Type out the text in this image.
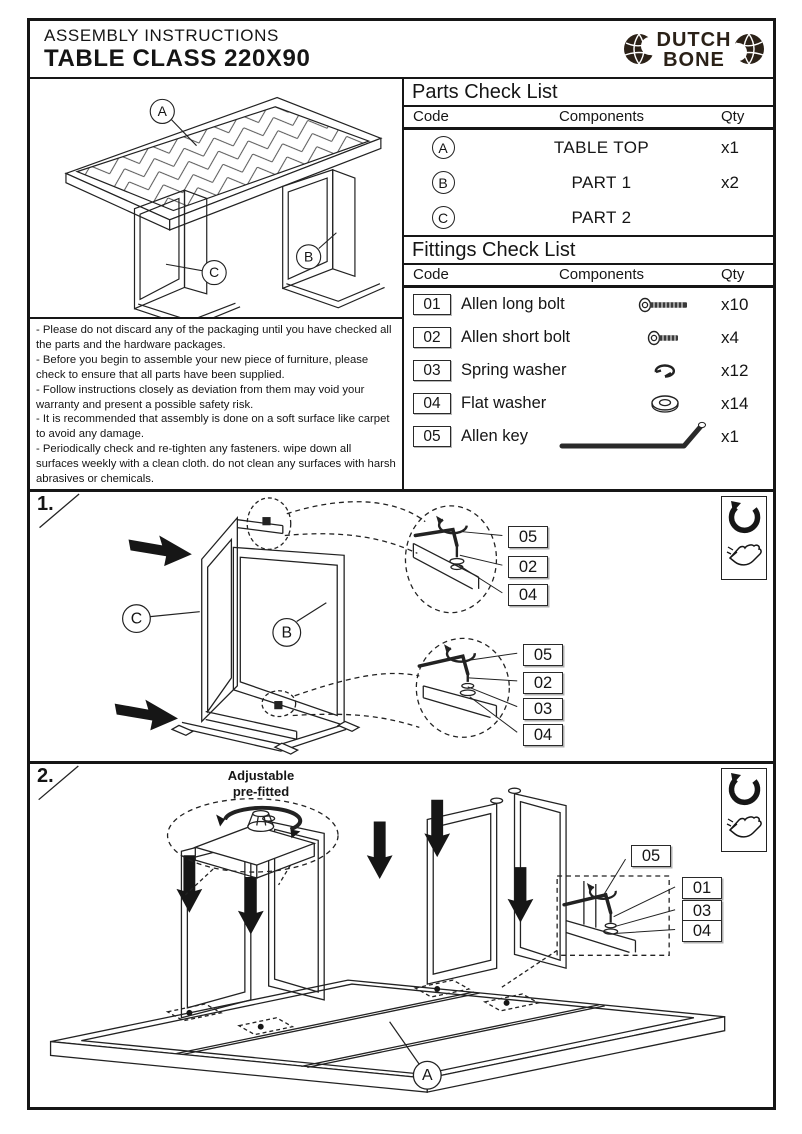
ASSEMBLY INSTRUCTIONS
TABLE CLASS 220X90
DUTCH
BONE
A
B
C
- Please do not discard any of the packaging until you have checked all the parts and the hardware packages.
- Before you begin to assemble your new piece of furniture, please check to ensure that all parts have been supplied.
- Follow instructions closely as deviation from them may void your warranty and present a possible safety risk.
- It is recommended that assembly is done on a soft surface like carpet to avoid any damage.
- Periodically check and re-tighten any fasteners. wipe down all surfaces weekly with a clean cloth. do not clean any surfaces with harsh abrasives or chemicals.
Parts Check List
Code	Components	Qty
A	TABLE TOP	x1
B	PART 1	x2
C	PART 2
Fittings Check List
Code	Components	Qty
01	Allen long bolt	x10
02	Allen short bolt	x4
03	Spring washer	x12
04	Flat washer	x14
05	Allen key	x1
1.
C
B
05
02
04
05
02
03
04
100%
2.	Adjustable
pre-fitted
A
05
01
03
04
100%
